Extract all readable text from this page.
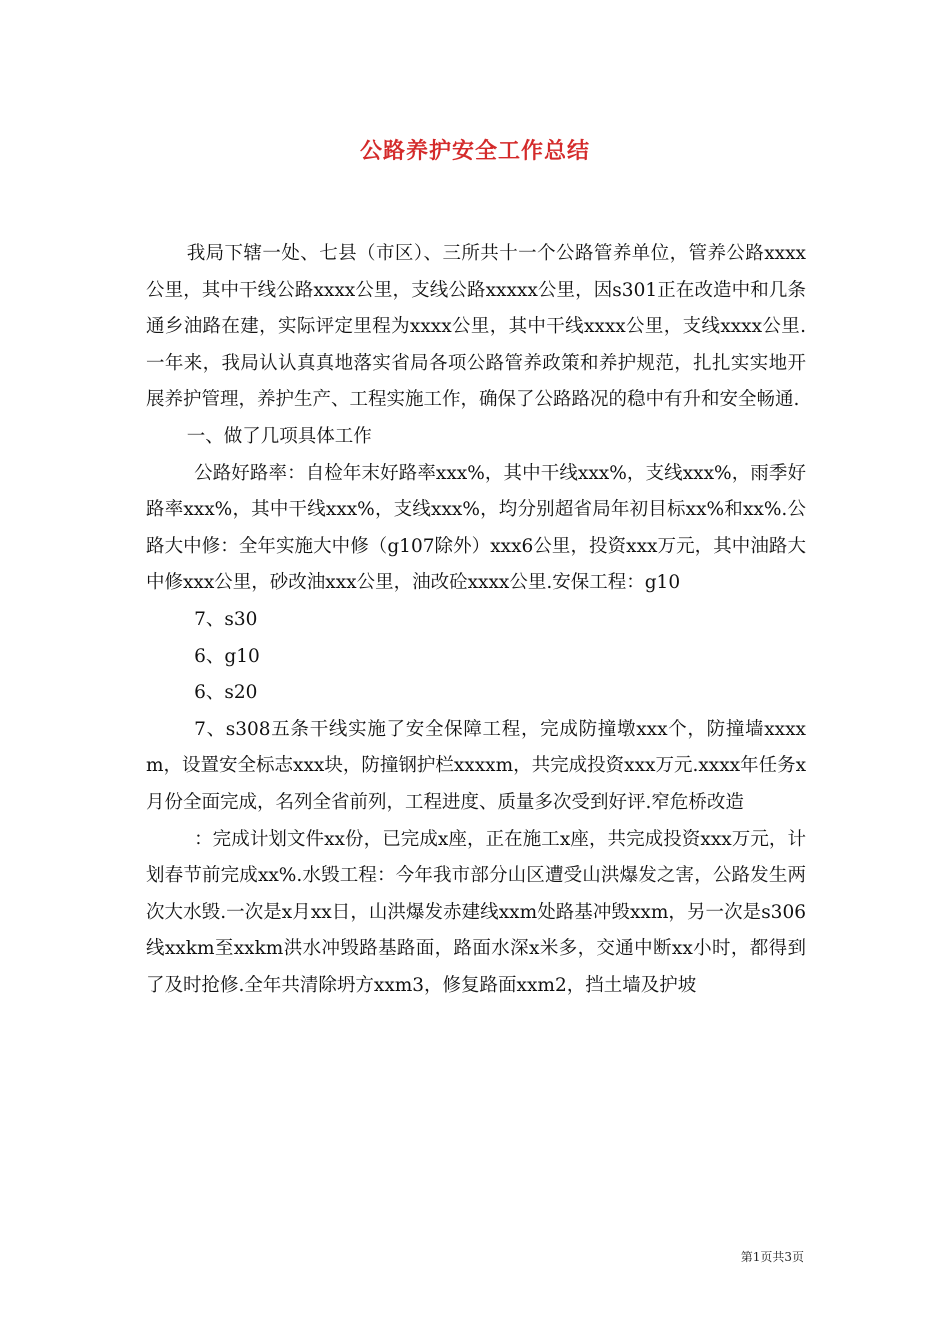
公路养护安全工作总结

我局下辖一处、七县（市区）、三所共十一个公路管养单位，管养公路xxxx公里，其中干线公路xxxx公里，支线公路xxxxx公里，因s301正在改造中和几条通乡油路在建，实际评定里程为xxxx公里，其中干线xxxx公里，支线xxxx公里.一年来，我局认认真真地落实省局各项公路管养政策和养护规范，扎扎实实地开展养护管理，养护生产、工程实施工作，确保了公路路况的稳中有升和安全畅通.

一、做了几项具体工作

公路好路率：自检年末好路率xxx%，其中干线xxx%，支线xxx%，雨季好路率xxx%，其中干线xxx%，支线xxx%，均分别超省局年初目标xx%和xx%.公路大中修：全年实施大中修（g107除外）xxx6公里，投资xxx万元，其中油路大中修xxx公里，砂改油xxx公里，油改砼xxxx公里.安保工程：g10

7、s30

6、g10

6、s20

7、s308五条干线实施了安全保障工程，完成防撞墩xxx个，防撞墙xxxxm，设置安全标志xxx块，防撞钢护栏xxxxm，共完成投资xxx万元.xxxx年任务x月份全面完成，名列全省前列，工程进度、质量多次受到好评.窄危桥改造

：完成计划文件xx份，已完成x座，正在施工x座，共完成投资xxx万元，计划春节前完成xx%.水毁工程：今年我市部分山区遭受山洪爆发之害，公路发生两次大水毁.一次是x月xx日，山洪爆发赤建线xxm处路基冲毁xxm，另一次是s306线xxkm至xxkm洪水冲毁路基路面，路面水深x米多，交通中断xx小时，都得到了及时抢修.全年共清除坍方xxm3，修复路面xxm2，挡土墙及护坡

第1页共3页
